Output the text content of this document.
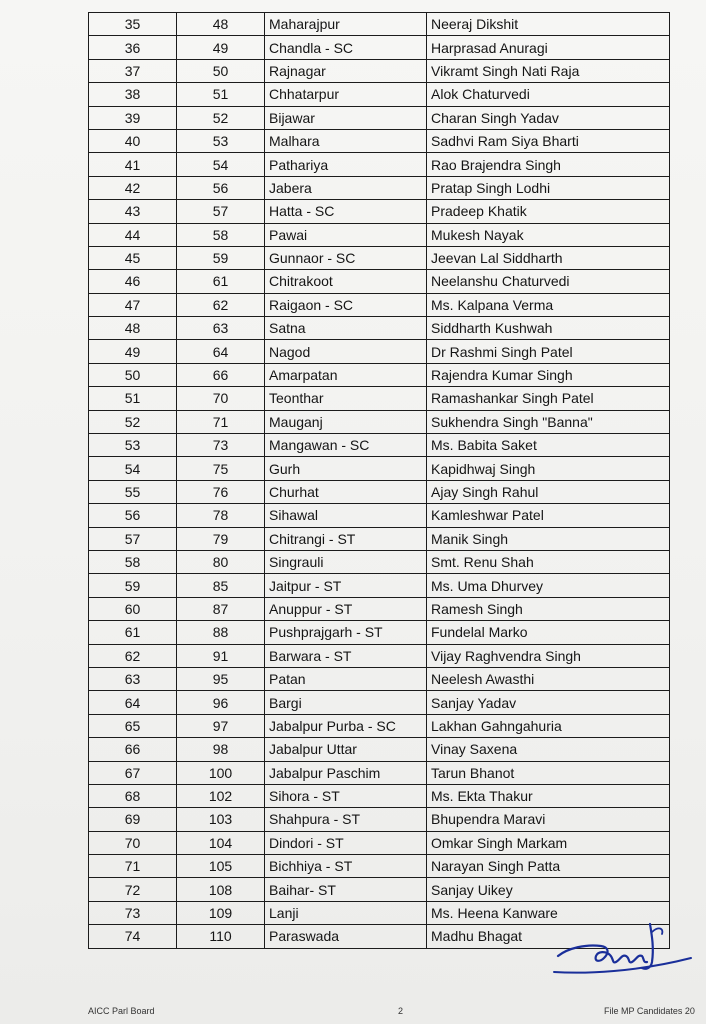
35	48	Maharajpur	Neeraj Dikshit
36	49	Chandla - SC	Harprasad Anuragi
37	50	Rajnagar	Vikramt Singh Nati Raja
38	51	Chhatarpur	Alok Chaturvedi
39	52	Bijawar	Charan Singh Yadav
40	53	Malhara	Sadhvi Ram Siya Bharti
41	54	Pathariya	Rao Brajendra Singh
42	56	Jabera	Pratap Singh Lodhi
43	57	Hatta - SC	Pradeep Khatik
44	58	Pawai	Mukesh Nayak
45	59	Gunnaor - SC	Jeevan Lal Siddharth
46	61	Chitrakoot	Neelanshu Chaturvedi
47	62	Raigaon - SC	Ms. Kalpana Verma
48	63	Satna	Siddharth Kushwah
49	64	Nagod	Dr Rashmi Singh Patel
50	66	Amarpatan	Rajendra Kumar Singh
51	70	Teonthar	Ramashankar Singh Patel
52	71	Mauganj	Sukhendra Singh "Banna"
53	73	Mangawan - SC	Ms. Babita Saket
54	75	Gurh	Kapidhwaj Singh
55	76	Churhat	Ajay Singh Rahul
56	78	Sihawal	Kamleshwar Patel
57	79	Chitrangi - ST	Manik Singh
58	80	Singrauli	Smt. Renu Shah
59	85	Jaitpur - ST	Ms. Uma Dhurvey
60	87	Anuppur - ST	Ramesh Singh
61	88	Pushprajgarh - ST	Fundelal Marko
62	91	Barwara - ST	Vijay Raghvendra Singh
63	95	Patan	Neelesh Awasthi
64	96	Bargi	Sanjay Yadav
65	97	Jabalpur Purba - SC	Lakhan Gahngahuria
66	98	Jabalpur Uttar	Vinay Saxena
67	100	Jabalpur Paschim	Tarun Bhanot
68	102	Sihora - ST	Ms. Ekta Thakur
69	103	Shahpura - ST	Bhupendra Maravi
70	104	Dindori - ST	Omkar Singh Markam
71	105	Bichhiya - ST	Narayan Singh Patta
72	108	Baihar- ST	Sanjay Uikey
73	109	Lanji	Ms. Heena Kanware
74	110	Paraswada	Madhu Bhagat
AICC Parl Board	2	File MP Candidates 20
